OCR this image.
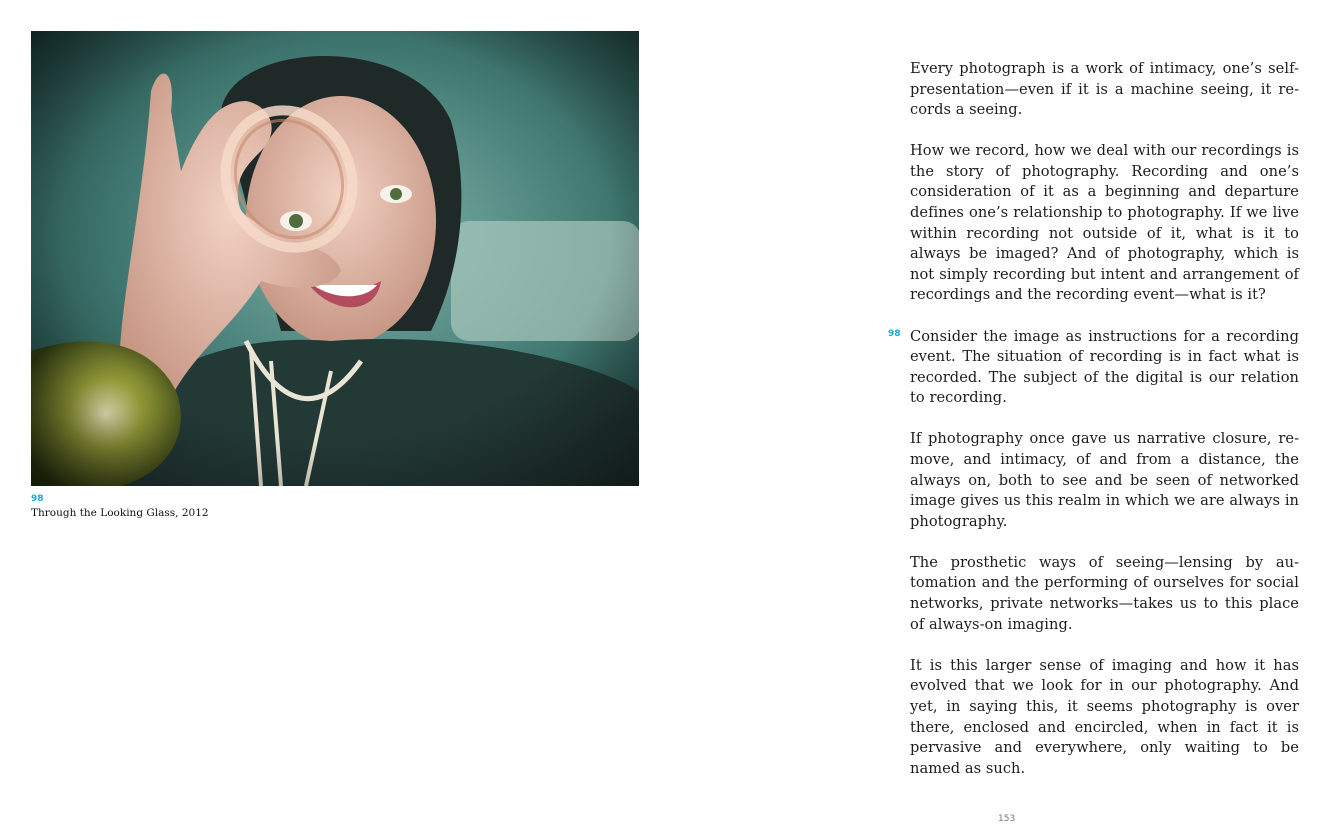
98
Through the Looking Glass, 2012

Every photograph is a work of intimacy, one’s self-presentation—even if it is a machine seeing, it records a seeing.

How we record, how we deal with our recordings is the story of photography. Recording and one’s consideration of it as a beginning and departure defines one’s relationship to photography. If we live within recording not outside of it, what is it to always be imaged? And of photography, which is not simply recording but intent and arrangement of recordings and the recording event—what is it?

98 Consider the image as instructions for a recording event. The situation of recording is in fact what is recorded. The subject of the digital is our relation to recording.

If photography once gave us narrative closure, remove, and intimacy, of and from a distance, the always on, both to see and be seen of networked image gives us this realm in which we are always in photography.

The prosthetic ways of seeing—lensing by automation and the performing of ourselves for social networks, private networks—takes us to this place of always-on imaging.

It is this larger sense of imaging and how it has evolved that we look for in our photography. And yet, in saying this, it seems photography is over there, enclosed and encircled, when in fact it is pervasive and everywhere, only waiting to be named as such.

153
